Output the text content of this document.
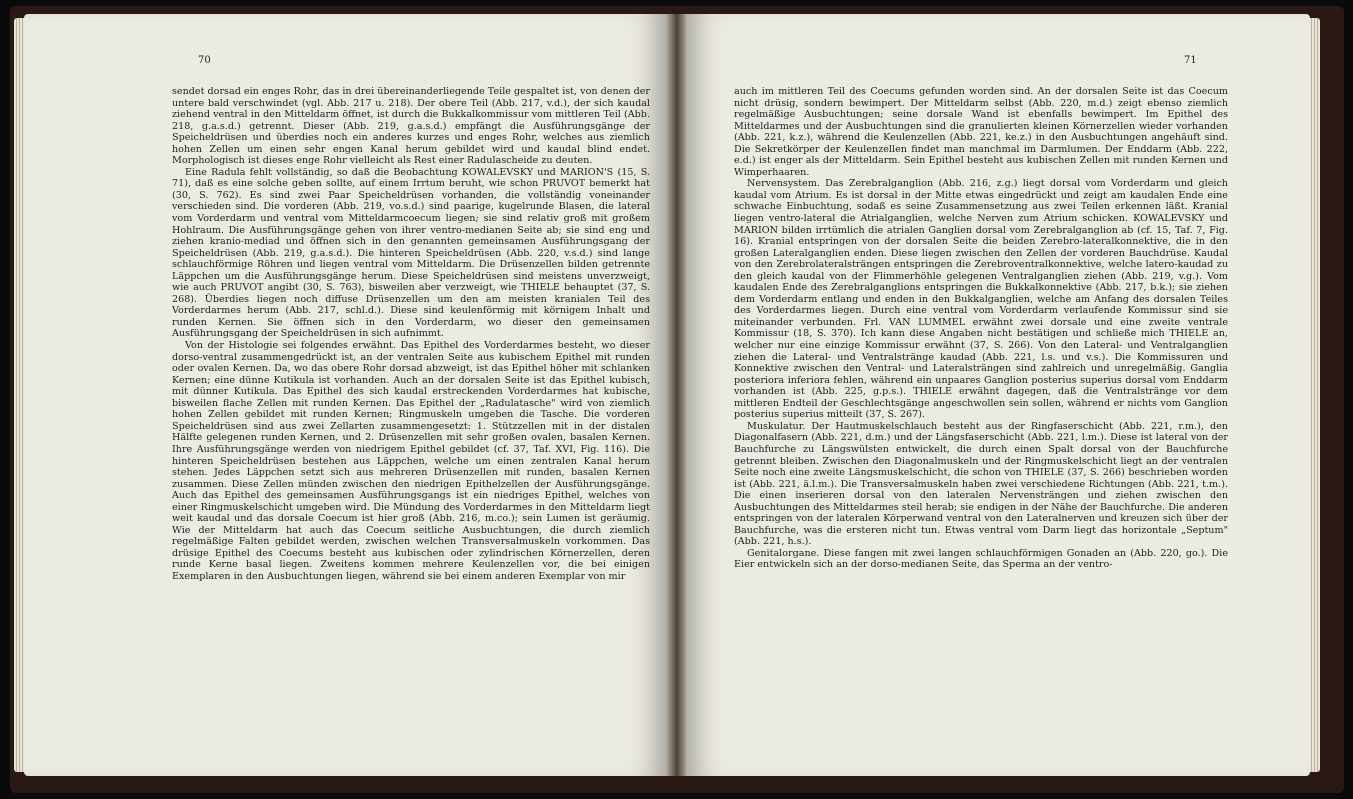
sendet dorsad ein enges Rohr, das in drei übereinanderliegende Teile gespaltet ist, von denen der untere bald verschwindet (vgl. Abb. 217 u. 218). Der obere Teil (Abb. 217, v.d.), der sich kaudal ziehend ventral in den Mitteldarm öffnet, ist durch die Bukkalkommissur vom mittleren Teil (Abb. 218, g.a.s.d.) getrennt. Dieser (Abb. 219, g.a.s.d.) empfängt die Ausführungsgänge der Speicheldrüsen und überdies noch ein anderes kurzes und enges Rohr, welches aus ziemlich hohen Zellen um einen sehr engen Kanal herum gebildet wird und kaudal blind endet. Morphologisch ist dieses enge Rohr vielleicht als Rest einer Radulascheide zu deuten.

Eine Radula fehlt vollständig, so daß die Beobachtung KOWALEVSKY und MARION'S (15, S. 71), daß es eine solche geben sollte, auf einem Irrtum beruht, wie schon PRUVOT bemerkt hat (30, S. 762). Es sind zwei Paar Speicheldrüsen vorhanden, die vollständig voneinander verschieden sind. Die vorderen (Abb. 219, vo.s.d.) sind paarige, kugelrunde Blasen, die lateral vom Vorderdarm und ventral vom Mitteldarmcoecum liegen; sie sind relativ groß mit großem Hohlraum. Die Ausführungsgänge gehen von ihrer ventro-medianen Seite ab; sie sind eng und ziehen kranio-mediad und öffnen sich in den genannten gemeinsamen Ausführungsgang der Speicheldrüsen (Abb. 219, g.a.s.d.). Die hinteren Speicheldrüsen (Abb. 220, v.s.d.) sind lange schlauchförmige Röhren und liegen ventral vom Mitteldarm. Die Drüsenzellen bilden getrennte Läppchen um die Ausführungsgänge herum. Diese Speicheldrüsen sind meistens unverzweigt, wie auch PRUVOT angibt (30, S. 763), bisweilen aber verzweigt, wie THIELE behauptet (37, S. 268). Überdies liegen noch diffuse Drüsenzellen um den am meisten kranialen Teil des Vorderdarmes herum (Abb. 217, schl.d.). Diese sind keulenförmig mit körnigem Inhalt und runden Kernen. Sie öffnen sich in den Vorderdarm, wo dieser den gemeinsamen Ausführungsgang der Speicheldrüsen in sich aufnimmt.

Von der Histologie sei folgendes erwähnt. Das Epithel des Vorderdarmes besteht, wo dieser dorso-ventral zusammengedrückt ist, an der ventralen Seite aus kubischem Epithel mit runden oder ovalen Kernen. Da, wo das obere Rohr dorsad abzweigt, ist das Epithel höher mit schlanken Kernen; eine dünne Kutikula ist vorhanden. Auch an der dorsalen Seite ist das Epithel kubisch, mit dünner Kutikula. Das Epithel des sich kaudal erstreckenden Vorderdarmes hat kubische, bisweilen flache Zellen mit runden Kernen. Das Epithel der „Radulatasche" wird von ziemlich hohen Zellen gebildet mit runden Kernen; Ringmuskeln umgeben die Tasche. Die vorderen Speicheldrüsen sind aus zwei Zellarten zusammengesetzt: 1. Stützzellen mit in der distalen Hälfte gelegenen runden Kernen, und 2. Drüsenzellen mit sehr großen ovalen, basalen Kernen. Ihre Ausführungsgänge werden von niedrigem Epithel gebildet (cf. 37, Taf. XVI, Fig. 116). Die hinteren Speicheldrüsen bestehen aus Läppchen, welche um einen zentralen Kanal herum stehen. Jedes Läppchen setzt sich aus mehreren Drüsenzellen mit runden, basalen Kernen zusammen. Diese Zellen münden zwischen den niedrigen Epithelzellen der Ausführungsgänge. Auch das Epithel des gemeinsamen Ausführungsgangs ist ein niedriges Epithel, welches von einer Ringmuskelschicht umgeben wird. Die Mündung des Vorderdarmes in den Mitteldarm liegt weit kaudal und das dorsale Coecum ist hier groß (Abb. 216, m.co.); sein Lumen ist geräumig. Wie der Mitteldarm hat auch das Coecum seitliche Ausbuchtungen, die durch ziemlich regelmäßige Falten gebildet werden, zwischen welchen Transversalmuskeln vorkommen. Das drüsige Epithel des Coecums besteht aus kubischen oder zylindrischen Körnerzellen, deren runde Kerne basal liegen. Zweitens kommen mehrere Keulenzellen vor, die bei einigen Exemplaren in den Ausbuchtungen liegen, während sie bei einem anderen Exemplar von mir

auch im mittleren Teil des Coecums gefunden worden sind. An der dorsalen Seite ist das Coecum nicht drüsig, sondern bewimpert. Der Mitteldarm selbst (Abb. 220, m.d.) zeigt ebenso ziemlich regelmäßige Ausbuchtungen; seine dorsale Wand ist ebenfalls bewimpert. Im Epithel des Mitteldarmes und der Ausbuchtungen sind die granulierten kleinen Körnerzellen wieder vorhanden (Abb. 221, k.z.), während die Keulenzellen (Abb. 221, ke.z.) in den Ausbuchtungen angehäuft sind. Die Sekretkörper der Keulenzellen findet man manchmal im Darmlumen. Der Enddarm (Abb. 222, e.d.) ist enger als der Mitteldarm. Sein Epithel besteht aus kubischen Zellen mit runden Kernen und Wimperhaaren.

Nervensystem. Das Zerebralganglion (Abb. 216, z.g.) liegt dorsal vom Vorderdarm und gleich kaudal vom Atrium. Es ist dorsal in der Mitte etwas eingedrückt und zeigt am kaudalen Ende eine schwache Einbuchtung, sodaß es seine Zusammensetzung aus zwei Teilen erkennen läßt. Kranial liegen ventro-lateral die Atrialganglien, welche Nerven zum Atrium schicken. KOWALEVSKY und MARION bilden irrtümlich die atrialen Ganglien dorsal vom Zerebralganglion ab (cf. 15, Taf. 7, Fig. 16). Kranial entspringen von der dorsalen Seite die beiden Zerebro-lateralkonnektive, die in den großen Lateralganglien enden. Diese liegen zwischen den Zellen der vorderen Bauchdrüse. Kaudal von den Zerebrolateralsträngen entspringen die Zerebroventralkonnektive, welche latero-kaudad zu den gleich kaudal von der Flimmerhöhle gelegenen Ventralganglien ziehen (Abb. 219, v.g.). Vom kaudalen Ende des Zerebralganglions entspringen die Bukkalkonnektive (Abb. 217, b.k.); sie ziehen dem Vorderdarm entlang und enden in den Bukkalganglien, welche am Anfang des dorsalen Teiles des Vorderdarmes liegen. Durch eine ventral vom Vorderdarm verlaufende Kommissur sind sie miteinander verbunden. Frl. VAN LUMMEL erwähnt zwei dorsale und eine zweite ventrale Kommissur (18, S. 370). Ich kann diese Angaben nicht bestätigen und schließe mich THIELE an, welcher nur eine einzige Kommissur erwähnt (37, S. 266). Von den Lateral- und Ventralganglien ziehen die Lateral- und Ventralstränge kaudad (Abb. 221, l.s. und v.s.). Die Kommissuren und Konnektive zwischen den Ventral- und Lateralsträngen sind zahlreich und unregelmäßig. Ganglia posteriora inferiora fehlen, während ein unpaares Ganglion posterius superius dorsal vom Enddarm vorhanden ist (Abb. 225, g.p.s.). THIELE erwähnt dagegen, daß die Ventralstränge vor dem mittleren Endteil der Geschlechtsgänge angeschwollen sein sollen, während er nichts vom Ganglion posterius superius mitteilt (37, S. 267).

Muskulatur. Der Hautmuskelschlauch besteht aus der Ringfaserschicht (Abb. 221, r.m.), den Diagonalfasern (Abb. 221, d.m.) und der Längsfaserschicht (Abb. 221, l.m.). Diese ist lateral von der Bauchfurche zu Längswülsten entwickelt, die durch einen Spalt dorsal von der Bauchfurche getrennt bleiben. Zwischen den Diagonalmuskeln und der Ringmuskelschicht liegt an der ventralen Seite noch eine zweite Längsmuskelschicht, die schon von THIELE (37, S. 266) beschrieben worden ist (Abb. 221, ä.l.m.). Die Transversalmuskeln haben zwei verschiedene Richtungen (Abb. 221, t.m.). Die einen inserieren dorsal von den lateralen Nervensträngen und ziehen zwischen den Ausbuchtungen des Mitteldarmes steil herab; sie endigen in der Nähe der Bauchfurche. Die anderen entspringen von der lateralen Körperwand ventral von den Lateralnerven und kreuzen sich über der Bauchfurche, was die ersteren nicht tun. Etwas ventral vom Darm liegt das horizontale „Septum" (Abb. 221, h.s.).

Genitalorgane. Diese fangen mit zwei langen schlauchförmigen Gonaden an (Abb. 220, go.). Die Eier entwickeln sich an der dorso-medianen Seite, das Sperma an der ventro-

70	71
